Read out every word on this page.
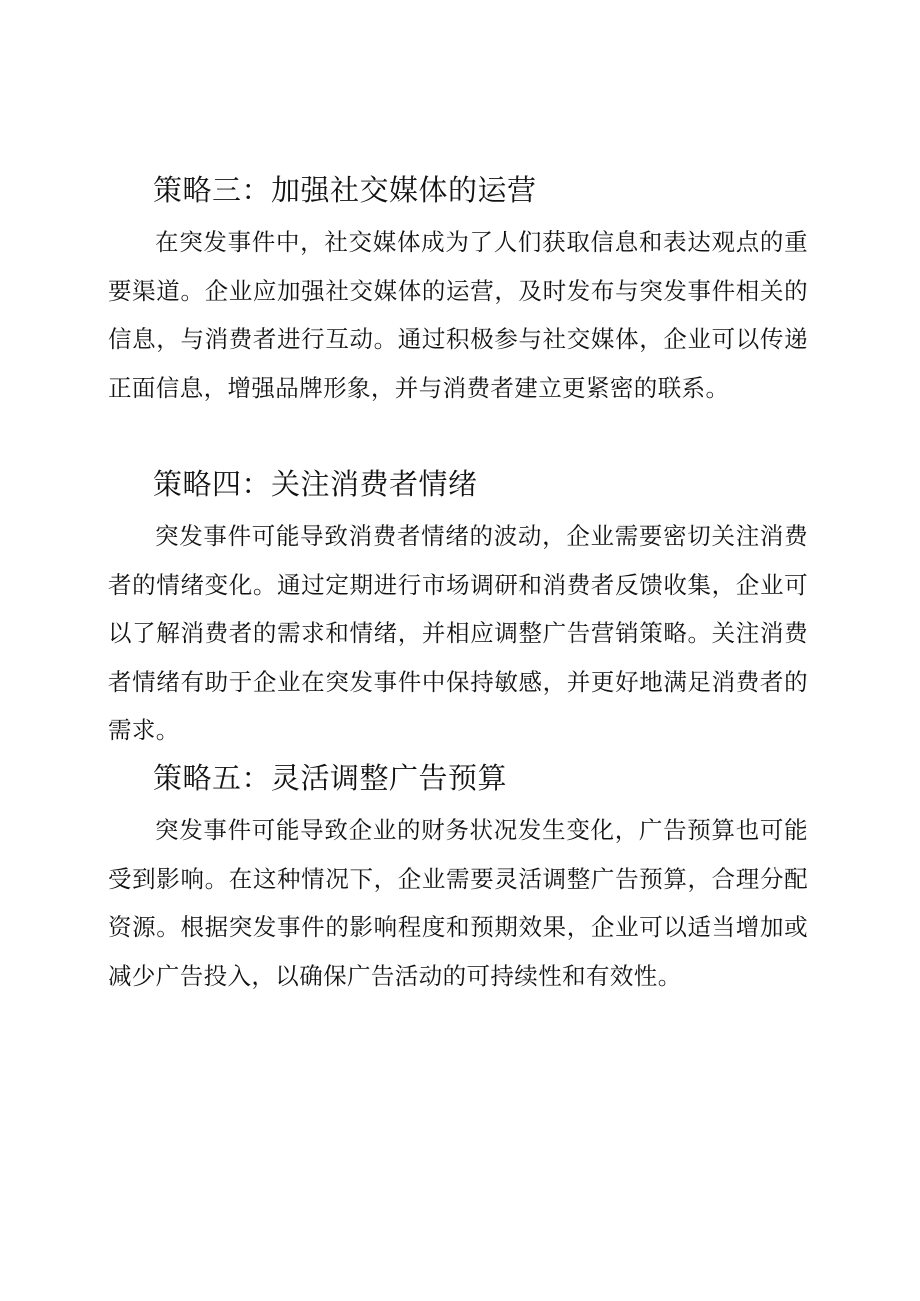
策略三：加强社交媒体的运营

在突发事件中，社交媒体成为了人们获取信息和表达观点的重要渠道。企业应加强社交媒体的运营，及时发布与突发事件相关的信息，与消费者进行互动。通过积极参与社交媒体，企业可以传递正面信息，增强品牌形象，并与消费者建立更紧密的联系。

策略四：关注消费者情绪

突发事件可能导致消费者情绪的波动，企业需要密切关注消费者的情绪变化。通过定期进行市场调研和消费者反馈收集，企业可以了解消费者的需求和情绪，并相应调整广告营销策略。关注消费者情绪有助于企业在突发事件中保持敏感，并更好地满足消费者的需求。

策略五：灵活调整广告预算

突发事件可能导致企业的财务状况发生变化，广告预算也可能受到影响。在这种情况下，企业需要灵活调整广告预算，合理分配资源。根据突发事件的影响程度和预期效果，企业可以适当增加或减少广告投入，以确保广告活动的可持续性和有效性。
